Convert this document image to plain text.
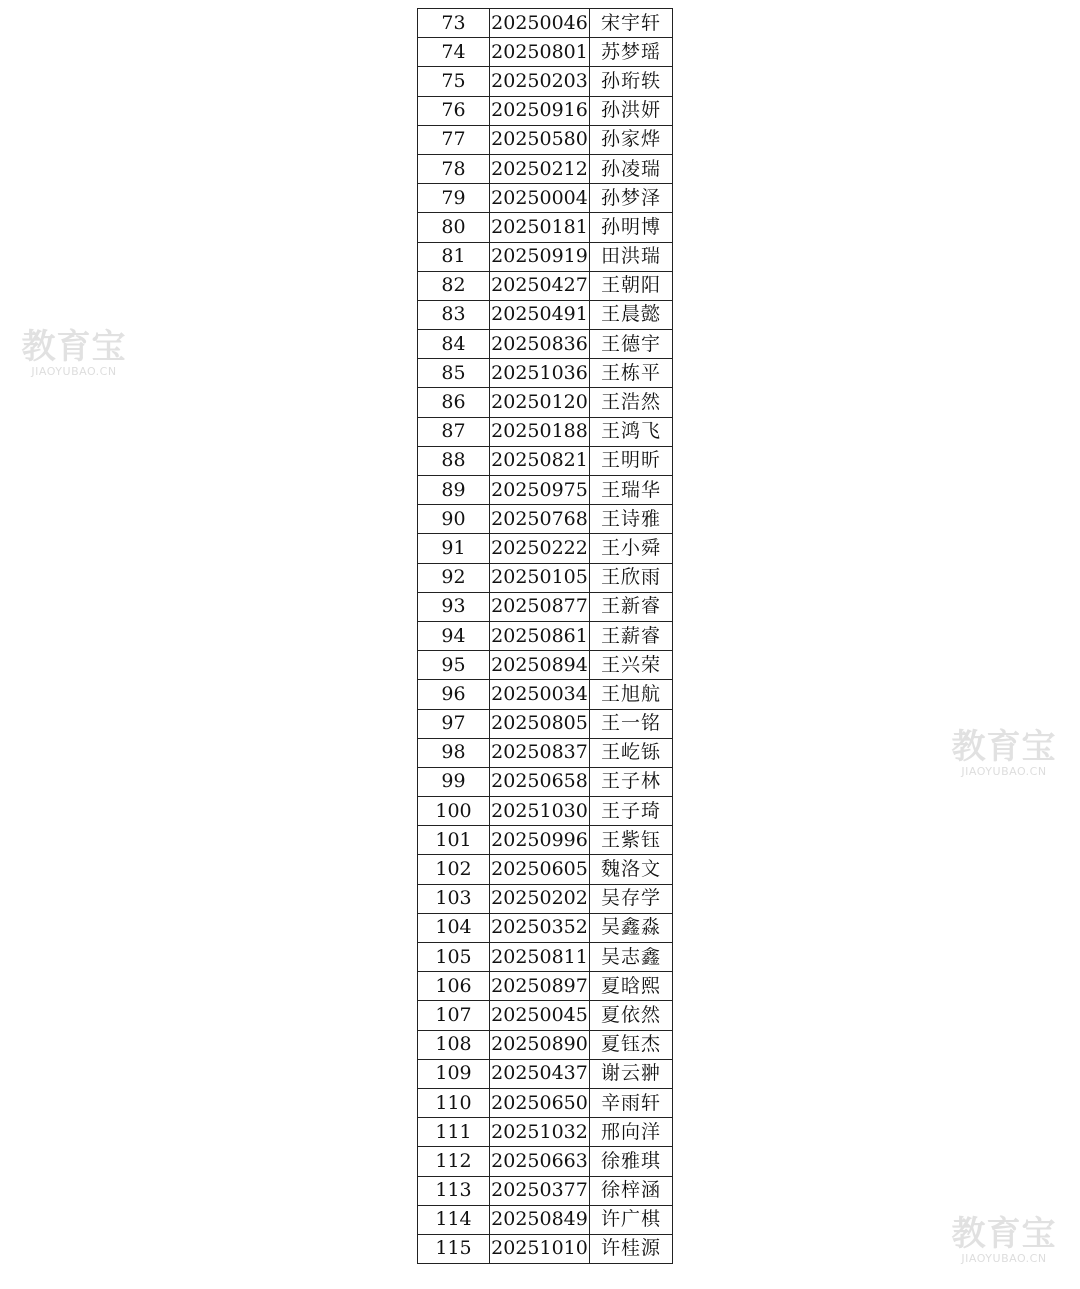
教育宝
JIAOYUBAO.CN
教育宝
JIAOYUBAO.CN
教育宝
JIAOYUBAO.CN
73	20250046	宋宇轩
74	20250801	苏梦瑶
75	20250203	孙珩轶
76	20250916	孙洪妍
77	20250580	孙家烨
78	20250212	孙凌瑞
79	20250004	孙梦泽
80	20250181	孙明博
81	20250919	田洪瑞
82	20250427	王朝阳
83	20250491	王晨懿
84	20250836	王德宇
85	20251036	王栋平
86	20250120	王浩然
87	20250188	王鸿飞
88	20250821	王明昕
89	20250975	王瑞华
90	20250768	王诗雅
91	20250222	王小舜
92	20250105	王欣雨
93	20250877	王新睿
94	20250861	王薪睿
95	20250894	王兴荣
96	20250034	王旭航
97	20250805	王一铭
98	20250837	王屹铄
99	20250658	王子林
100	20251030	王子琦
101	20250996	王紫钰
102	20250605	魏洛文
103	20250202	吴存学
104	20250352	吴鑫淼
105	20250811	吴志鑫
106	20250897	夏晗熙
107	20250045	夏依然
108	20250890	夏钰杰
109	20250437	谢云翀
110	20250650	辛雨轩
111	20251032	邢向洋
112	20250663	徐雅琪
113	20250377	徐梓涵
114	20250849	许广棋
115	20251010	许桂源
